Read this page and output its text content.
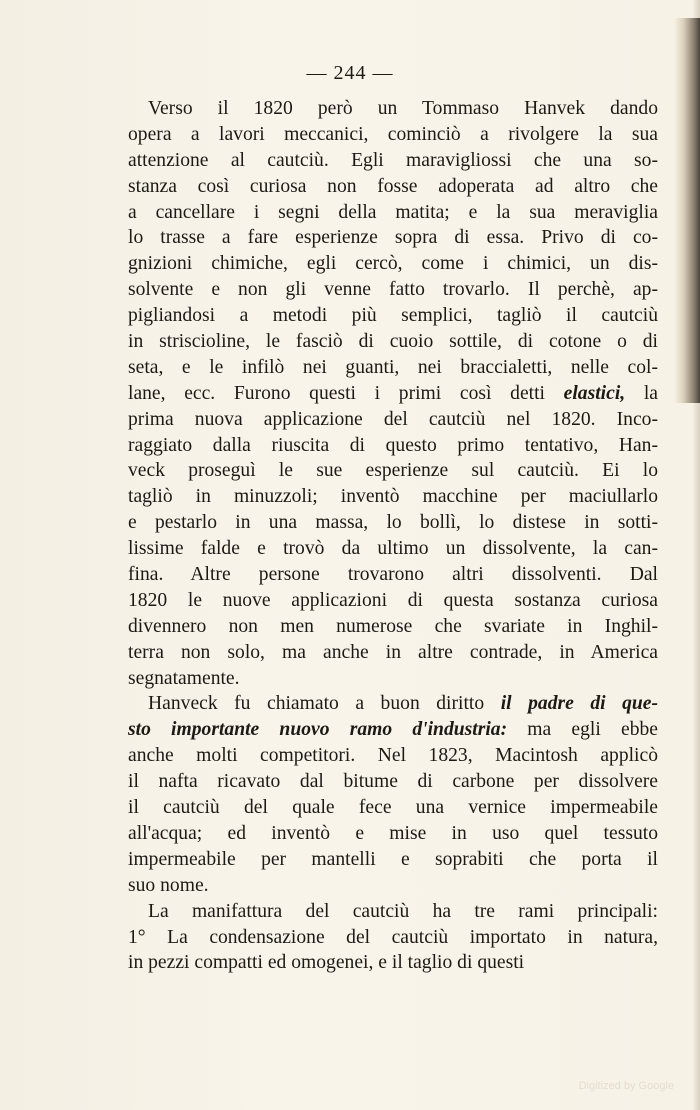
— 244 —
Verso il 1820 però un Tommaso Hanvek dando
opera a lavori meccanici, cominciò a rivolgere la sua
attenzione al cautciù. Egli maravigliossi che una so-
stanza così curiosa non fosse adoperata ad altro che
a cancellare i segni della matita; e la sua meraviglia
lo trasse a fare esperienze sopra di essa. Privo di co-
gnizioni chimiche, egli cercò, come i chimici, un dis-
solvente e non gli venne fatto trovarlo. Il perchè, ap-
pigliandosi a metodi più semplici, tagliò il cautciù
in striscioline, le fasciò di cuoio sottile, di cotone o di
seta, e le infilò nei guanti, nei braccialetti, nelle col-
lane, ecc. Furono questi i primi così detti elastici, la
prima nuova applicazione del cautciù nel 1820. Inco-
raggiato dalla riuscita di questo primo tentativo, Han-
veck proseguì le sue esperienze sul cautciù. Ei lo
tagliò in minuzzoli; inventò macchine per maciullarlo
e pestarlo in una massa, lo bollì, lo distese in sotti-
lissime falde e trovò da ultimo un dissolvente, la can-
fina. Altre persone trovarono altri dissolventi. Dal
1820 le nuove applicazioni di questa sostanza curiosa
divennero non men numerose che svariate in Inghil-
terra non solo, ma anche in altre contrade, in America
segnatamente.
Hanveck fu chiamato a buon diritto il padre di que-
sto importante nuovo ramo d'industria: ma egli ebbe
anche molti competitori. Nel 1823, Macintosh applicò
il nafta ricavato dal bitume di carbone per dissolvere
il cautciù del quale fece una vernice impermeabile
all'acqua; ed inventò e mise in uso quel tessuto
impermeabile per mantelli e soprabiti che porta il
suo nome.
La manifattura del cautciù ha tre rami principali:
1° La condensazione del cautciù importato in natura,
in pezzi compatti ed omogenei, e il taglio di questi
Digitized by Google
